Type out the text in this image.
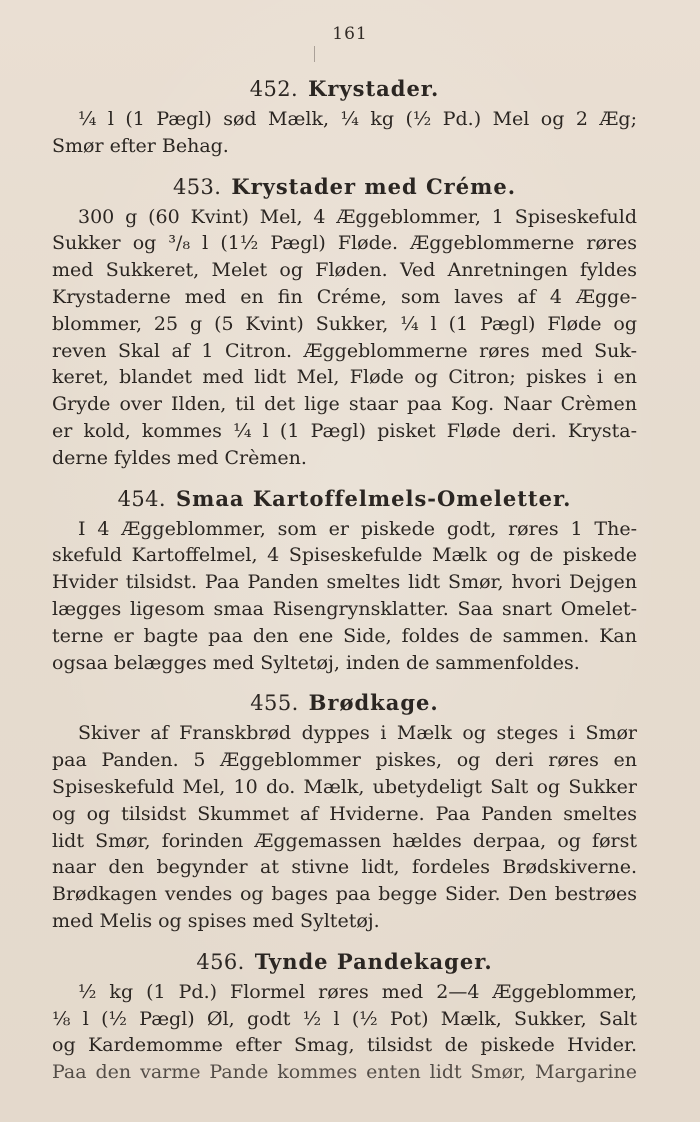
161
452. Krystader.
¼ l (1 Pægl) sød Mælk, ¼ kg (½ Pd.) Mel og 2 Æg;
Smør efter Behag.
453. Krystader med Créme.
300 g (60 Kvint) Mel, 4 Æggeblommer, 1 Spiseskefuld
Sukker og ³/₈ l (1½ Pægl) Fløde. Æggeblommerne røres
med Sukkeret, Melet og Fløden. Ved Anretningen fyldes
Krystaderne med en fin Créme, som laves af 4 Ægge-
blommer, 25 g (5 Kvint) Sukker, ¼ l (1 Pægl) Fløde og
reven Skal af 1 Citron. Æggeblommerne røres med Suk-
keret, blandet med lidt Mel, Fløde og Citron; piskes i en
Gryde over Ilden, til det lige staar paa Kog. Naar Crèmen
er kold, kommes ¼ l (1 Pægl) pisket Fløde deri. Krysta-
derne fyldes med Crèmen.
454. Smaa Kartoffelmels-Omeletter.
I 4 Æggeblommer, som er piskede godt, røres 1 The-
skefuld Kartoffelmel, 4 Spiseskefulde Mælk og de piskede
Hvider tilsidst. Paa Panden smeltes lidt Smør, hvori Dejgen
lægges ligesom smaa Risengrynsklatter. Saa snart Omelet-
terne er bagte paa den ene Side, foldes de sammen. Kan
ogsaa belægges med Syltetøj, inden de sammenfoldes.
455. Brødkage.
Skiver af Franskbrød dyppes i Mælk og steges i Smør
paa Panden. 5 Æggeblommer piskes, og deri røres en
Spiseskefuld Mel, 10 do. Mælk, ubetydeligt Salt og Sukker
og og tilsidst Skummet af Hviderne. Paa Panden smeltes
lidt Smør, forinden Æggemassen hældes derpaa, og først
naar den begynder at stivne lidt, fordeles Brødskiverne.
Brødkagen vendes og bages paa begge Sider. Den bestrøes
med Melis og spises med Syltetøj.
456. Tynde Pandekager.
½ kg (1 Pd.) Flormel røres med 2—4 Æggeblommer,
⅛ l (½ Pægl) Øl, godt ½ l (½ Pot) Mælk, Sukker, Salt
og Kardemomme efter Smag, tilsidst de piskede Hvider.
Paa den varme Pande kommes enten lidt Smør, Margarine
